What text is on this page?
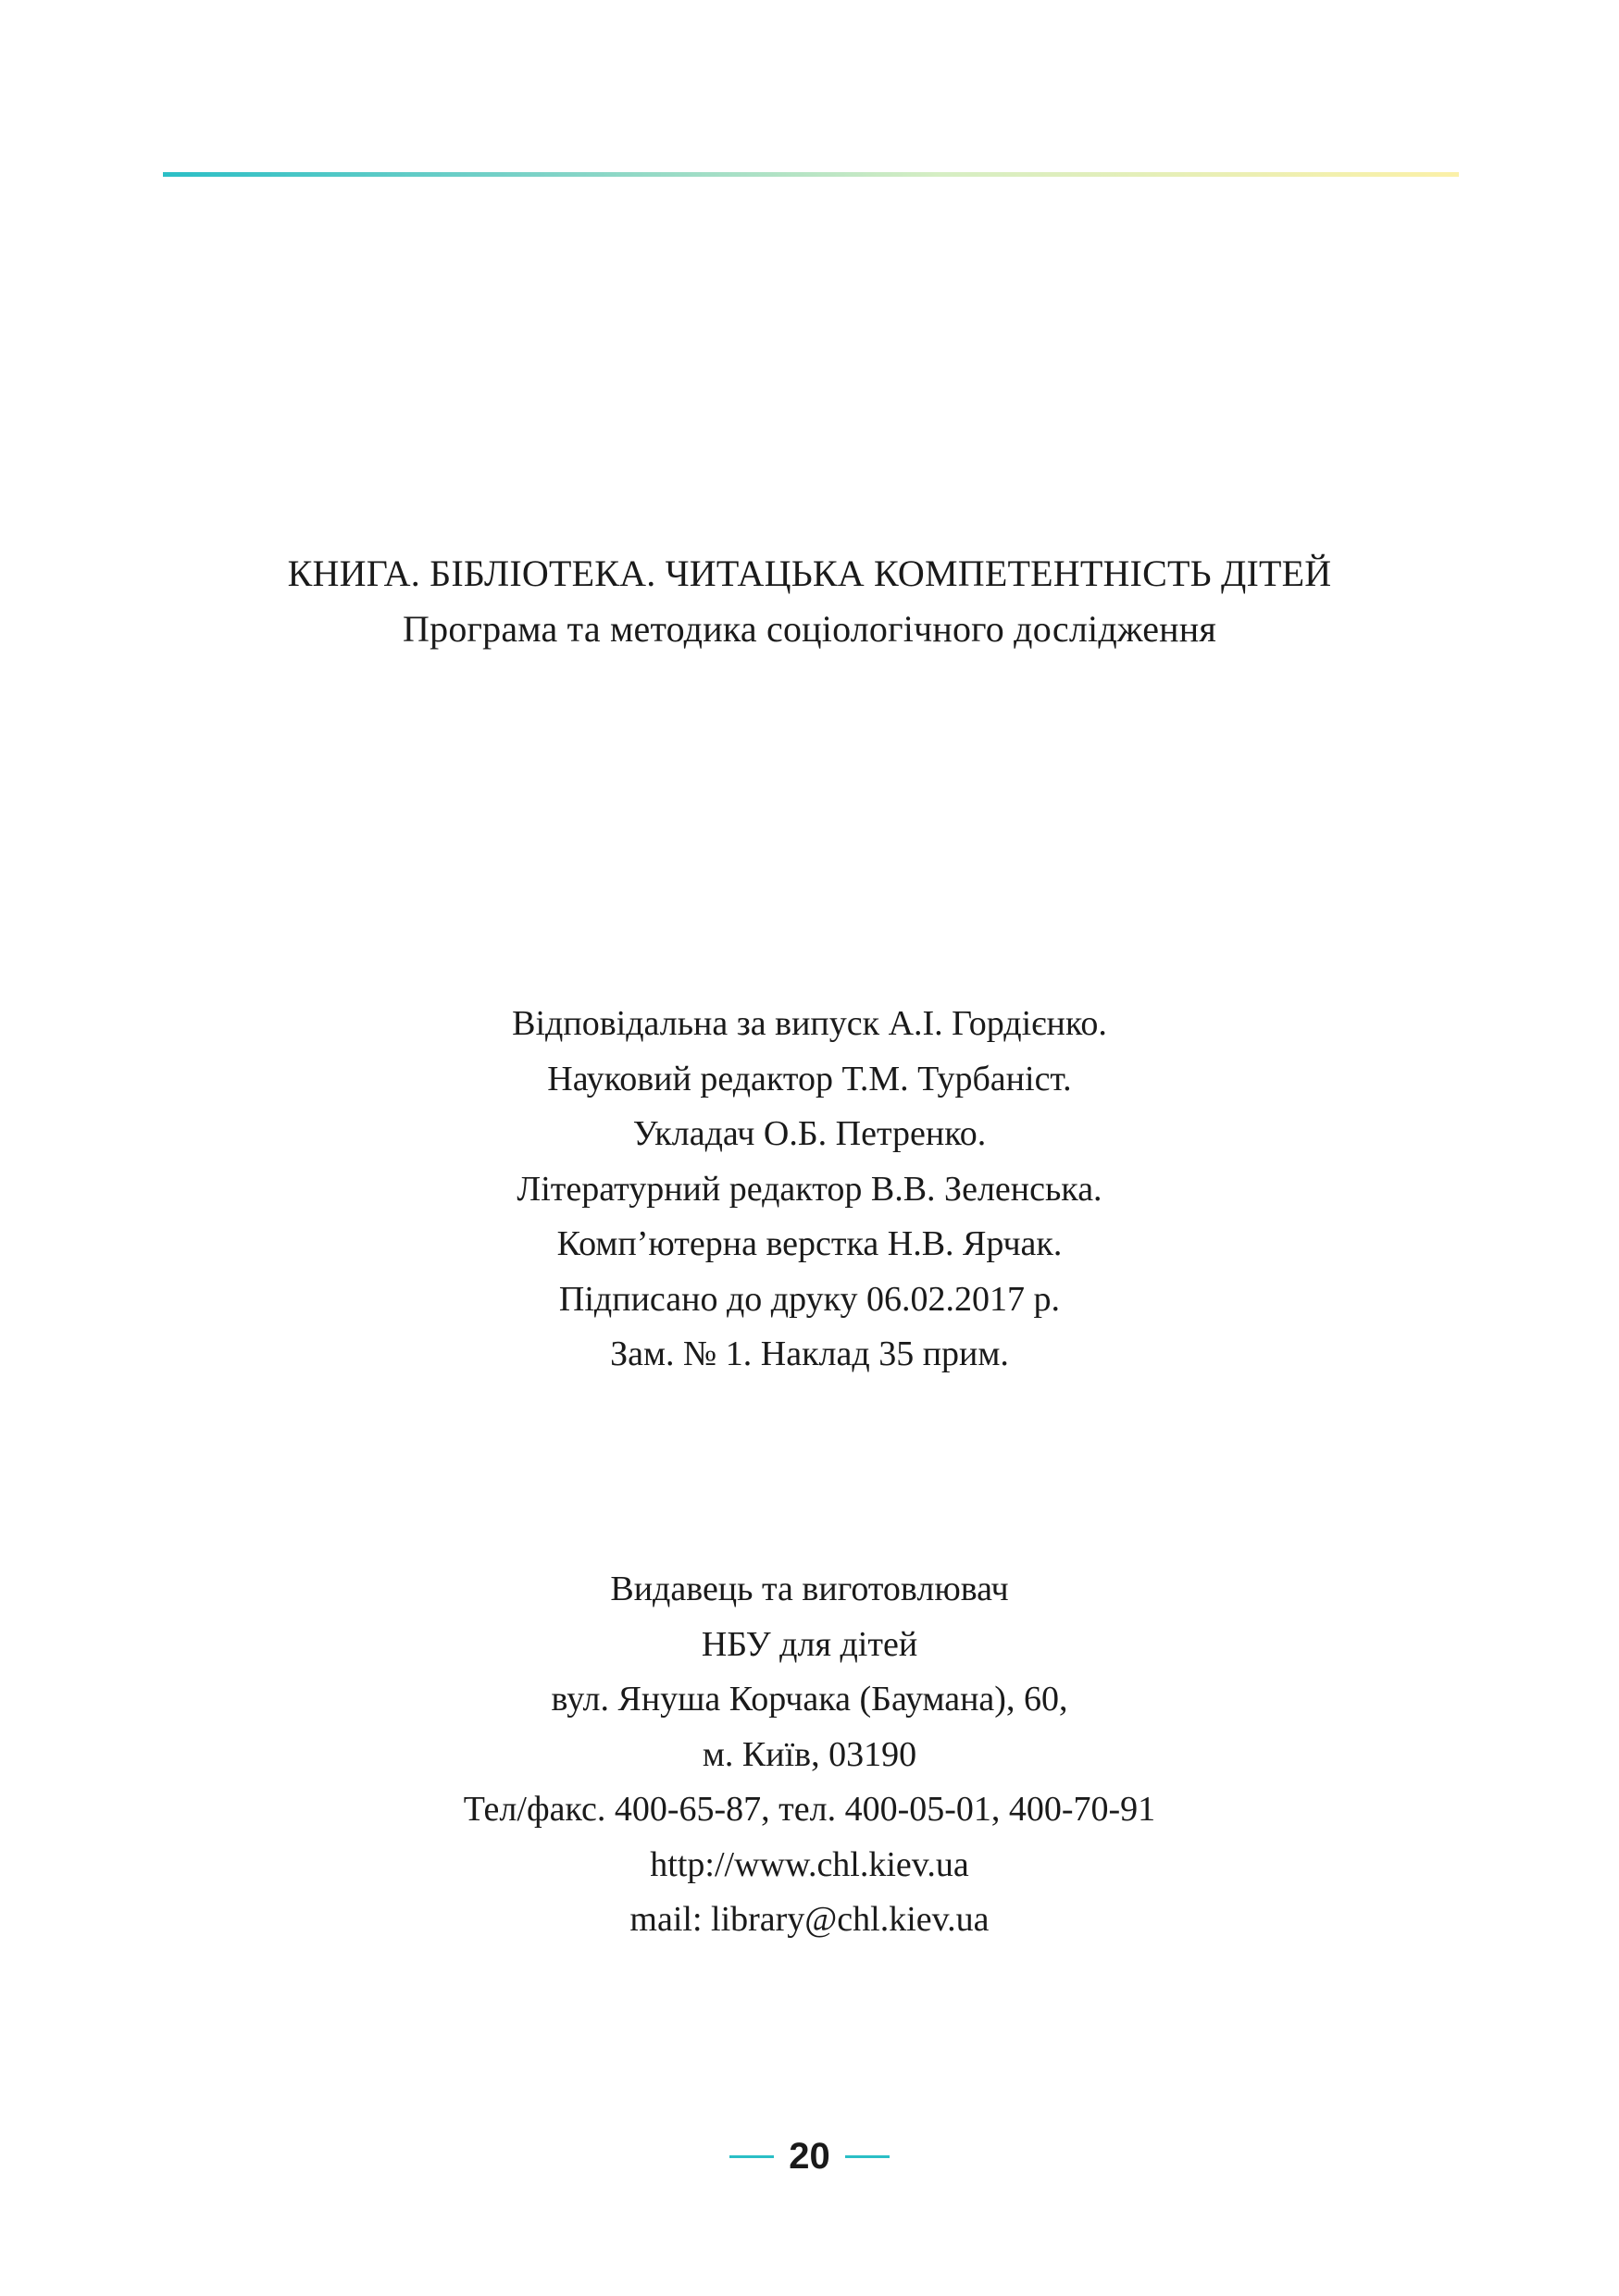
КНИГА. БІБЛІОТЕКА. ЧИТАЦЬКА КОМПЕТЕНТНІСТЬ ДІТЕЙ
Програма та методика соціологічного дослідження
Відповідальна за випуск А.І. Гордієнко.
Науковий редактор Т.М. Турбаніст.
Укладач О.Б. Петренко.
Літературний редактор В.В. Зеленська.
Комп’ютерна верстка Н.В. Ярчак.
Підписано до друку 06.02.2017 р.
Зам. № 1. Наклад 35 прим.
Видавець та виготовлювач
НБУ для дітей
вул. Януша Корчака (Баумана), 60,
м. Київ, 03190
Тел/факс. 400-65-87, тел. 400-05-01, 400-70-91
http://www.chl.kiev.ua
mail: library@chl.kiev.ua
20
